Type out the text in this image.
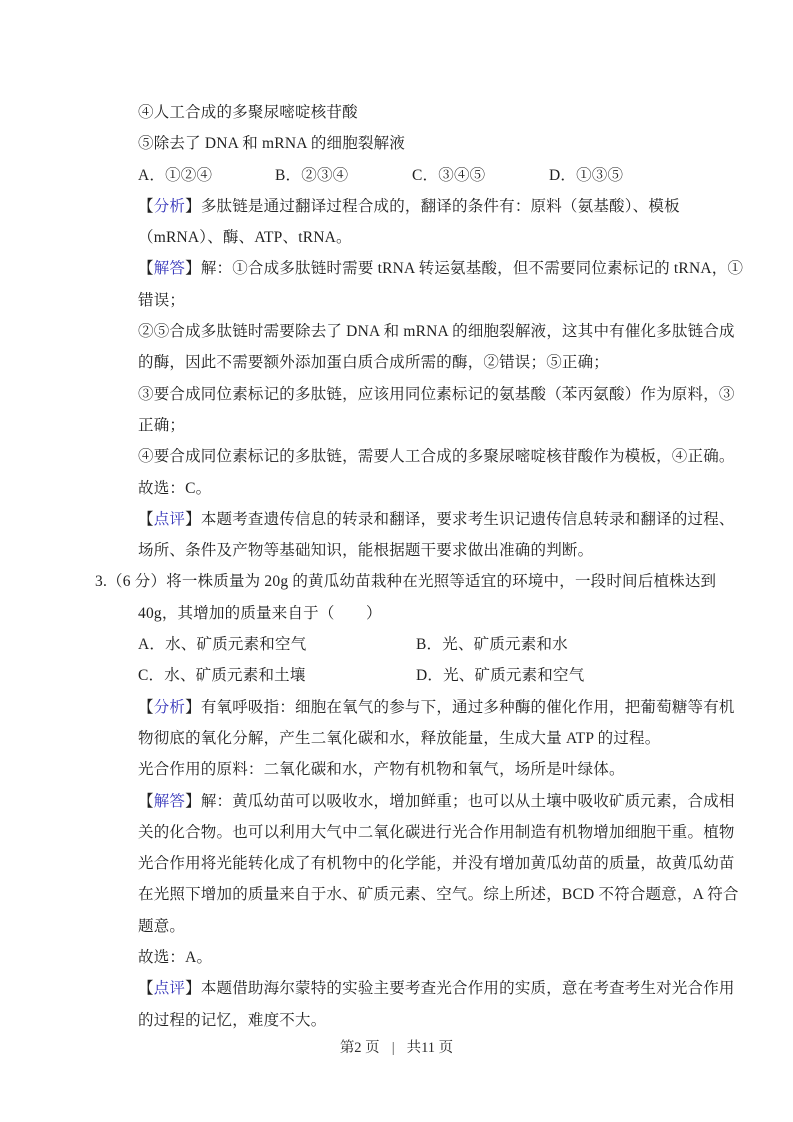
④人工合成的多聚尿嘧啶核苷酸
⑤除去了 DNA 和 mRNA 的细胞裂解液
A．①②④	B．②③④	C．③④⑤	D．①③⑤
【分析】多肽链是通过翻译过程合成的，翻译的条件有：原料（氨基酸）、模板
（mRNA）、酶、ATP、tRNA。
【解答】解：①合成多肽链时需要 tRNA 转运氨基酸，但不需要同位素标记的 tRNA，①
错误；
②⑤合成多肽链时需要除去了 DNA 和 mRNA 的细胞裂解液，这其中有催化多肽链合成
的酶，因此不需要额外添加蛋白质合成所需的酶，②错误；⑤正确；
③要合成同位素标记的多肽链，应该用同位素标记的氨基酸（苯丙氨酸）作为原料，③
正确；
④要合成同位素标记的多肽链，需要人工合成的多聚尿嘧啶核苷酸作为模板，④正确。
故选：C。
【点评】本题考查遗传信息的转录和翻译，要求考生识记遗传信息转录和翻译的过程、
场所、条件及产物等基础知识，能根据题干要求做出准确的判断。
3.（6 分）将一株质量为 20g 的黄瓜幼苗栽种在光照等适宜的环境中，一段时间后植株达到
40g，其增加的质量来自于（　　）
A．水、矿质元素和空气	B．光、矿质元素和水
C．水、矿质元素和土壤	D．光、矿质元素和空气
【分析】有氧呼吸指：细胞在氧气的参与下，通过多种酶的催化作用，把葡萄糖等有机
物彻底的氧化分解，产生二氧化碳和水，释放能量，生成大量 ATP 的过程。
光合作用的原料：二氧化碳和水，产物有机物和氧气，场所是叶绿体。
【解答】解：黄瓜幼苗可以吸收水，增加鲜重；也可以从土壤中吸收矿质元素，合成相
关的化合物。也可以利用大气中二氧化碳进行光合作用制造有机物增加细胞干重。植物
光合作用将光能转化成了有机物中的化学能，并没有增加黄瓜幼苗的质量，故黄瓜幼苗
在光照下增加的质量来自于水、矿质元素、空气。综上所述，BCD 不符合题意，A 符合
题意。
故选：A。
【点评】本题借助海尔蒙特的实验主要考查光合作用的实质，意在考查考生对光合作用
的过程的记忆，难度不大。
第2 页 | 共11 页
